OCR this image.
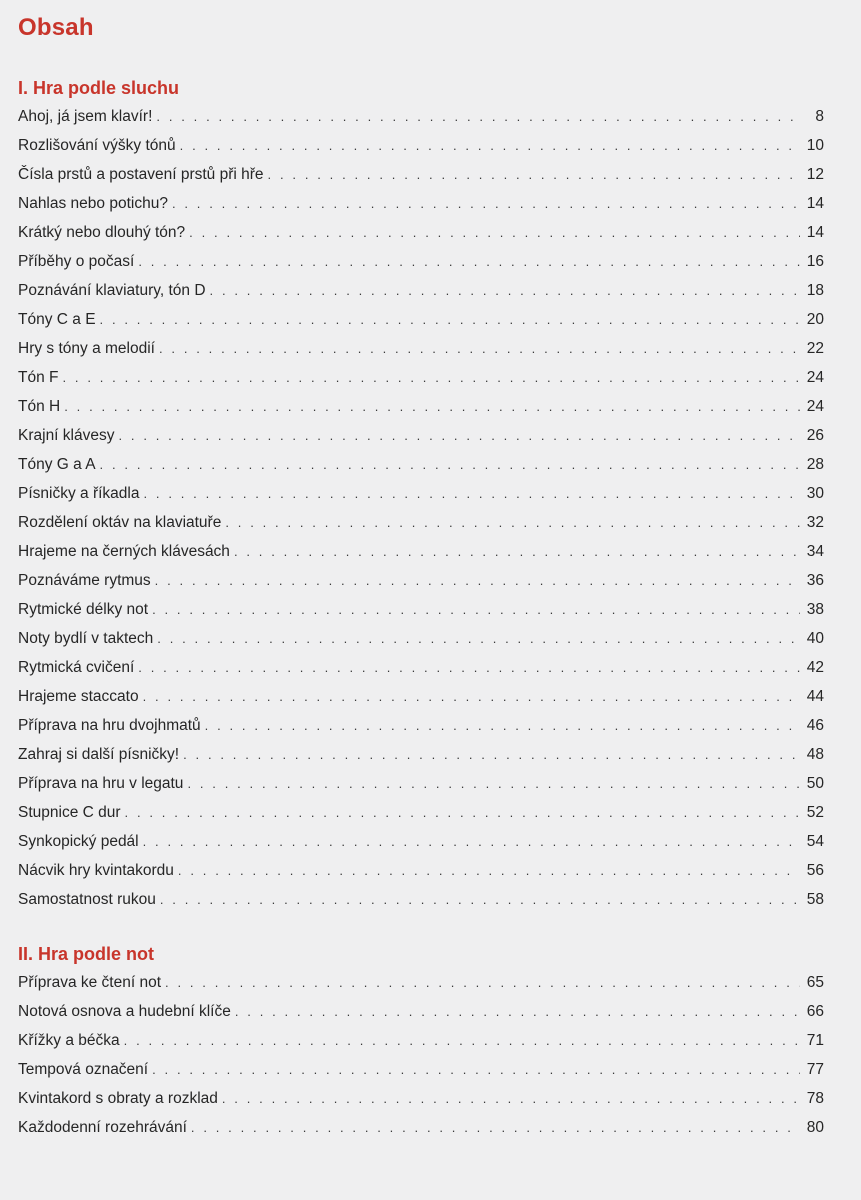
Obsah
I. Hra podle sluchu
Ahoj, já jsem klavír! . . .	8
Rozlišování výšky tónů . . .	10
Čísla prstů a postavení prstů při hře . . .	12
Nahlas nebo potichu? . . .	14
Krátký nebo dlouhý tón? . . .	14
Příběhy o počasí . . .	16
Poznávání klaviatury, tón D . . .	18
Tóny C a E . . .	20
Hry s tóny a melodií . . .	22
Tón F . . .	24
Tón H . . .	24
Krajní klávesy . . .	26
Tóny G a A . . .	28
Písničky a říkadla . . .	30
Rozdělení oktáv na klaviatuře . . .	32
Hrajeme na černých klávesách . . .	34
Poznáváme rytmus . . .	36
Rytmické délky not . . .	38
Noty bydlí v taktech . . .	40
Rytmická cvičení . . .	42
Hrajeme staccato . . .	44
Příprava na hru dvojhmatů . . .	46
Zahraj si další písničky! . . .	48
Příprava na hru v legatu . . .	50
Stupnice C dur . . .	52
Synkopický pedál . . .	54
Nácvik hry kvintakordu . . .	56
Samostatnost rukou . . .	58
II. Hra podle not
Příprava ke čtení not . . .	65
Notová osnova a hudební klíče . . .	66
Křížky a béčka . . .	71
Tempová označení . . .	77
Kvintakord s obraty a rozklad . . .	78
Každodenní rozehrávání . . .	80
